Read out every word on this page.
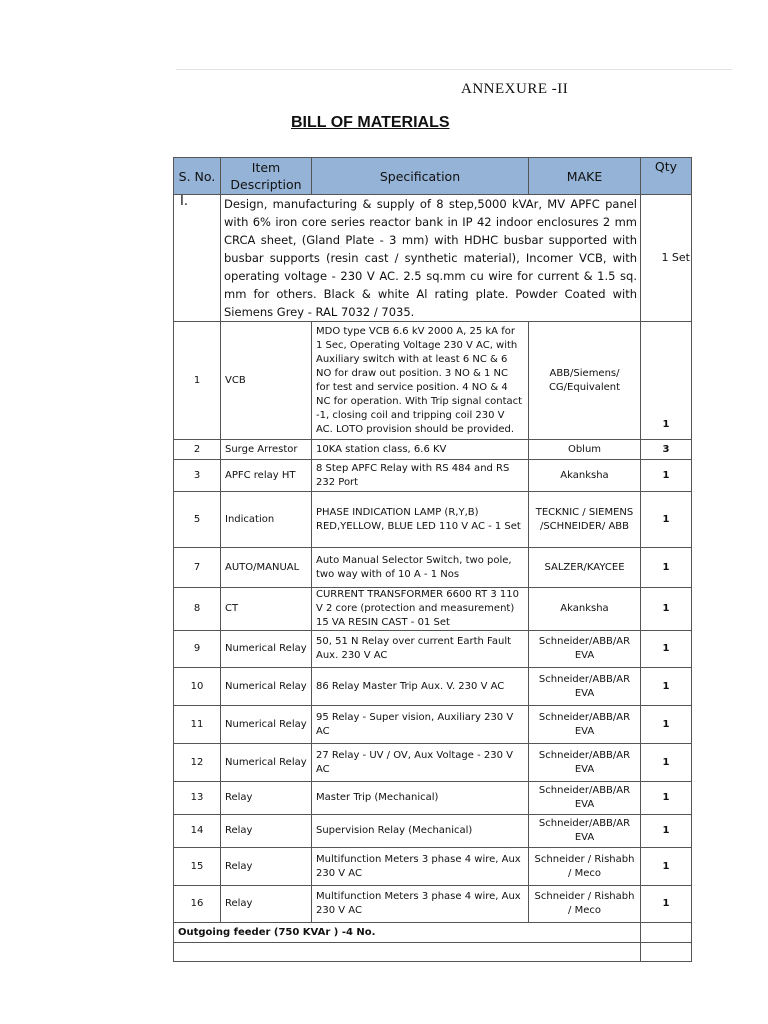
ANNEXURE -II
BILL OF MATERIALS
S. No.	Item Description	Specification	MAKE	Qty
I.	Design, manufacturing & supply of 8 step,5000 kVAr, MV APFC panel with 6% iron core series reactor bank in IP 42 indoor enclosures 2 mm CRCA sheet, (Gland Plate - 3 mm) with HDHC busbar supported with busbar supports (resin cast / synthetic material), Incomer VCB, with operating voltage - 230 V AC. 2.5 sq.mm cu wire for current & 1.5 sq. mm for others. Black & white Al rating plate. Powder Coated with Siemens Grey - RAL 7032 / 7035.			1 Set
1	VCB	MDO type VCB 6.6 kV 2000 A, 25 kA for 1 Sec, Operating Voltage 230 V AC, with Auxiliary switch with at least 6 NC & 6 NO for draw out position. 3 NO & 1 NC for test and service position. 4 NO & 4 NC for operation. With Trip signal contact -1, closing coil and tripping coil 230 V AC. LOTO provision should be provided.	ABB/Siemens/ CG/Equivalent	1
2	Surge Arrestor	10KA station class, 6.6 KV	Oblum	3
3	APFC relay HT	8 Step APFC Relay with RS 484 and RS 232 Port	Akanksha	1
5	Indication	PHASE INDICATION LAMP (R,Y,B) RED,YELLOW, BLUE LED 110 V AC - 1 Set	TECKNIC / SIEMENS /SCHNEIDER/ ABB	1
7	AUTO/MANUAL	Auto Manual Selector Switch, two pole, two way with of 10 A - 1 Nos	SALZER/KAYCEE	1
8	CT	CURRENT TRANSFORMER 6600 RT 3 110 V 2 core (protection and measurement) 15 VA RESIN CAST - 01 Set	Akanksha	1
9	Numerical Relay	50, 51 N Relay over current Earth Fault Aux. 230 V AC	Schneider/ABB/AR EVA	1
10	Numerical Relay	86 Relay Master Trip Aux. V. 230 V AC	Schneider/ABB/AR EVA	1
11	Numerical Relay	95 Relay - Super vision, Auxiliary 230 V AC	Schneider/ABB/AR EVA	1
12	Numerical Relay	27 Relay - UV / OV, Aux Voltage - 230 V AC	Schneider/ABB/AR EVA	1
13	Relay	Master Trip (Mechanical)	Schneider/ABB/AR EVA	1
14	Relay	Supervision Relay (Mechanical)	Schneider/ABB/AR EVA	1
15	Relay	Multifunction Meters 3 phase 4 wire, Aux 230 V AC	Schneider / Rishabh / Meco	1
16	Relay	Multifunction Meters 3 phase 4 wire, Aux 230 V AC	Schneider / Rishabh / Meco	1
Outgoing feeder (750 KVAr ) -4 No.				
